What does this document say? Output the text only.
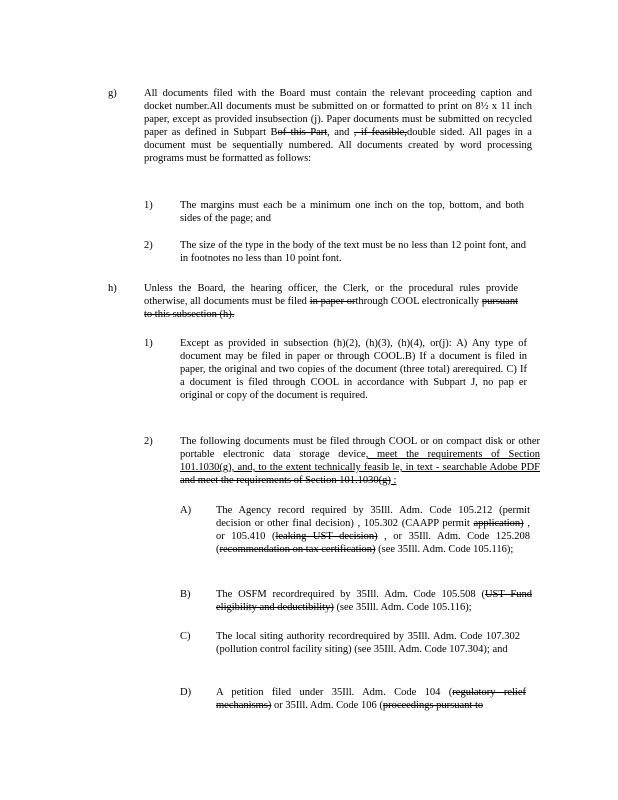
g)	All documents filed with the Board must contain the relevant proceeding caption and docket number.All documents must be submitted on or formatted to print on 8½ x 11 inch paper, except as provided insubsection (j). Paper documents must be submitted on recycled paper as defined in Subpart Bof this Part, and , if feasible,double sided. All pages in a document must be sequentially numbered. All documents created by word processing programs must be formatted as follows:
1)	The margins must each be a minimum one inch on the top, bottom, and both sides of the page; and
2)	The size of the type in the body of the text must be no less than 12 point font, and in footnotes no less than 10 point font.
h)	Unless the Board, the hearing officer, the Clerk, or the procedural rules provide otherwise, all documents must be filed in paper orthrough COOL electronically pursuant to this subsection (h).
1)	Except as provided in subsection (h)(2), (h)(3), (h)(4), or(j): A) Any type of document may be filed in paper or through COOL.B) If a document is filed in paper, the original and two copies of the document (three total) arerequired. C) If a document is filed through COOL in accordance with Subpart J, no pap er original or copy of the document is required.
2)	The following documents must be filed through COOL or on compact disk or other portable electronic data storage device, meet the requirements of Section 101.1030(g), and, to the extent technically feasib le, in text - searchable Adobe PDF and meet the requirements of Section 101.1030(g) :
A) The Agency record required by 35Ill. Adm. Code 105.212 (permit decision or other final decision) , 105.302 (CAAPP permit application) , or 105.410 (leaking UST decision) , or 35Ill. Adm. Code 125.208 (recommendation on tax certification) (see 35Ill. Adm. Code 105.116);
B) The OSFM recordrequired by 35Ill. Adm. Code 105.508 (UST Fund eligibility and deductibility) (see 35Ill. Adm. Code 105.116);
C) The local siting authority recordrequired by 35Ill. Adm. Code 107.302 (pollution control facility siting) (see 35Ill. Adm. Code 107.304); and
D) A petition filed under 35Ill. Adm. Code 104 (regulatory relief mechanisms) or 35Ill. Adm. Code 106 (proceedings pursuant to
